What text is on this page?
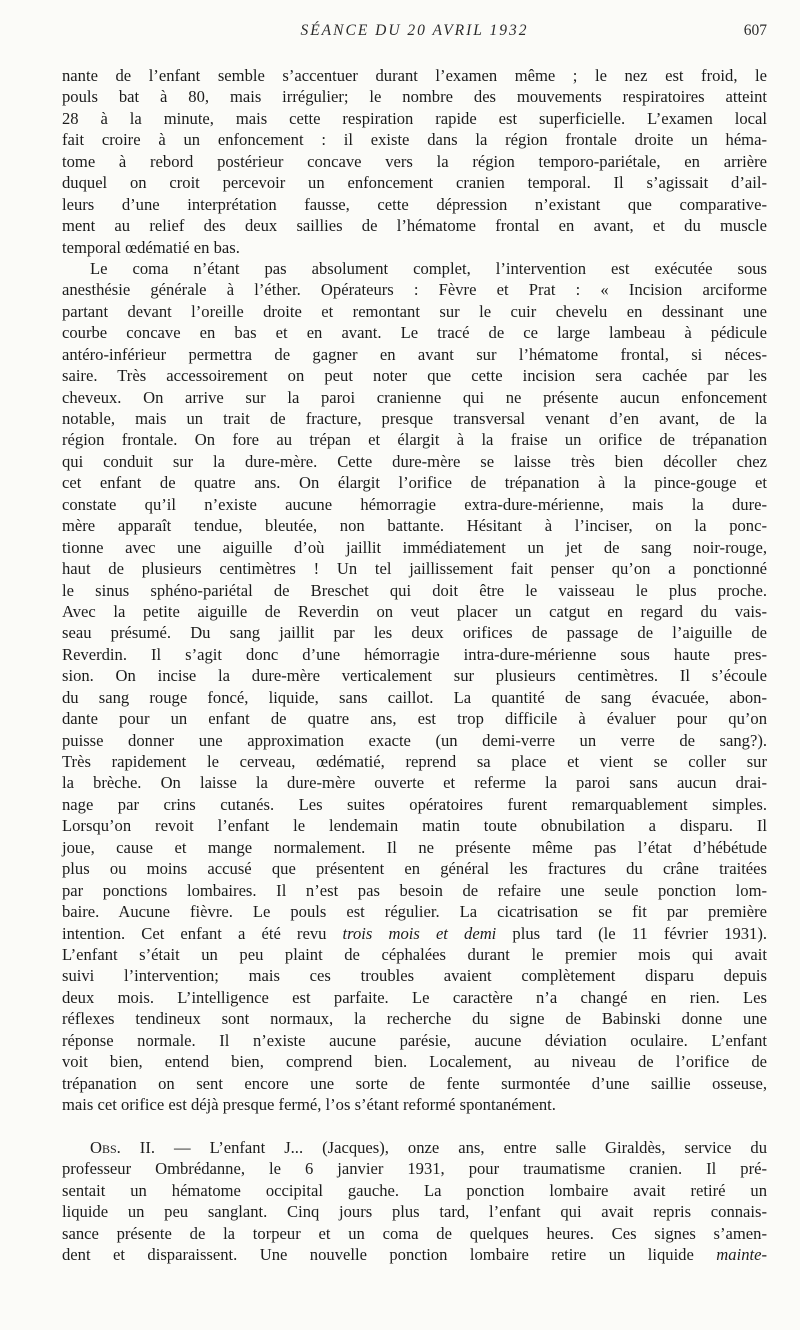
SÉANCE DU 20 AVRIL 1932	607
nante de l’enfant semble s’accentuer durant l’examen même ; le nez est froid, le
pouls bat à 80, mais irrégulier; le nombre des mouvements respiratoires atteint
28 à la minute, mais cette respiration rapide est superficielle. L’examen local
fait croire à un enfoncement : il existe dans la région frontale droite un héma-
tome à rebord postérieur concave vers la région temporo-pariétale, en arrière
duquel on croit percevoir un enfoncement cranien temporal. Il s’agissait d’ail-
leurs d’une interprétation fausse, cette dépression n’existant que comparative-
ment au relief des deux saillies de l’hématome frontal en avant, et du muscle
temporal œdématié en bas.
Le coma n’étant pas absolument complet, l’intervention est exécutée sous
anesthésie générale à l’éther. Opérateurs : Fèvre et Prat : « Incision arciforme
partant devant l’oreille droite et remontant sur le cuir chevelu en dessinant une
courbe concave en bas et en avant. Le tracé de ce large lambeau à pédicule
antéro-inférieur permettra de gagner en avant sur l’hématome frontal, si néces-
saire. Très accessoirement on peut noter que cette incision sera cachée par les
cheveux. On arrive sur la paroi cranienne qui ne présente aucun enfoncement
notable, mais un trait de fracture, presque transversal venant d’en avant, de la
région frontale. On fore au trépan et élargit à la fraise un orifice de trépanation
qui conduit sur la dure-mère. Cette dure-mère se laisse très bien décoller chez
cet enfant de quatre ans. On élargit l’orifice de trépanation à la pince-gouge et
constate qu’il n’existe aucune hémorragie extra-dure-mérienne, mais la dure-
mère apparaît tendue, bleutée, non battante. Hésitant à l’inciser, on la ponc-
tionne avec une aiguille d’où jaillit immédiatement un jet de sang noir-rouge,
haut de plusieurs centimètres ! Un tel jaillissement fait penser qu’on a ponctionné
le sinus sphéno-pariétal de Breschet qui doit être le vaisseau le plus proche.
Avec la petite aiguille de Reverdin on veut placer un catgut en regard du vais-
seau présumé. Du sang jaillit par les deux orifices de passage de l’aiguille de
Reverdin. Il s’agit donc d’une hémorragie intra-dure-mérienne sous haute pres-
sion. On incise la dure-mère verticalement sur plusieurs centimètres. Il s’écoule
du sang rouge foncé, liquide, sans caillot. La quantité de sang évacuée, abon-
dante pour un enfant de quatre ans, est trop difficile à évaluer pour qu’on
puisse donner une approximation exacte (un demi-verre un verre de sang?).
Très rapidement le cerveau, œdématié, reprend sa place et vient se coller sur
la brèche. On laisse la dure-mère ouverte et referme la paroi sans aucun drai-
nage par crins cutanés. Les suites opératoires furent remarquablement simples.
Lorsqu’on revoit l’enfant le lendemain matin toute obnubilation a disparu. Il
joue, cause et mange normalement. Il ne présente même pas l’état d’hébétude
plus ou moins accusé que présentent en général les fractures du crâne traitées
par ponctions lombaires. Il n’est pas besoin de refaire une seule ponction lom-
baire. Aucune fièvre. Le pouls est régulier. La cicatrisation se fit par première
intention. Cet enfant a été revu trois mois et demi plus tard (le 11 février 1931).
L’enfant s’était un peu plaint de céphalées durant le premier mois qui avait
suivi l’intervention; mais ces troubles avaient complètement disparu depuis
deux mois. L’intelligence est parfaite. Le caractère n’a changé en rien. Les
réflexes tendineux sont normaux, la recherche du signe de Babinski donne une
réponse normale. Il n’existe aucune parésie, aucune déviation oculaire. L’enfant
voit bien, entend bien, comprend bien. Localement, au niveau de l’orifice de
trépanation on sent encore une sorte de fente surmontée d’une saillie osseuse,
mais cet orifice est déjà presque fermé, l’os s’étant reformé spontanément.
Obs. II. — L’enfant J... (Jacques), onze ans, entre salle Giraldès, service du
professeur Ombrédanne, le 6 janvier 1931, pour traumatisme cranien. Il pré-
sentait un hématome occipital gauche. La ponction lombaire avait retiré un
liquide un peu sanglant. Cinq jours plus tard, l’enfant qui avait repris connais-
sance présente de la torpeur et un coma de quelques heures. Ces signes s’amen-
dent et disparaissent. Une nouvelle ponction lombaire retire un liquide mainte-
